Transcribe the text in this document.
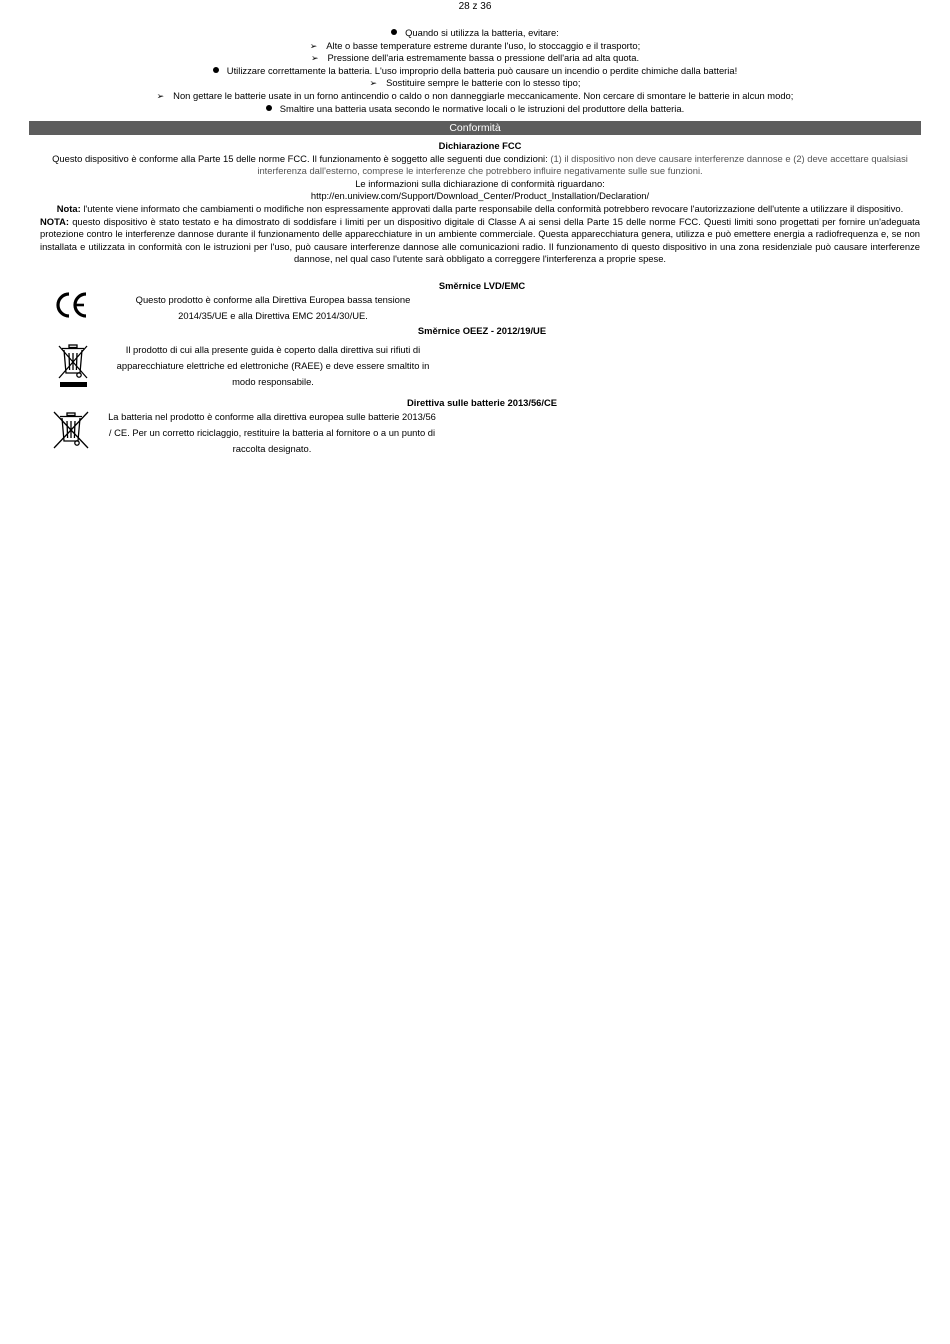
28 z 36
Quando si utilizza la batteria, evitare:
➢ Alte o basse temperature estreme durante l'uso, lo stoccaggio e il trasporto;
➢ Pressione dell'aria estremamente bassa o pressione dell'aria ad alta quota.
Utilizzare correttamente la batteria. L'uso improprio della batteria può causare un incendio o perdite chimiche dalla batteria!
➢ Sostituire sempre le batterie con lo stesso tipo;
➢ Non gettare le batterie usate in un forno antincendio o caldo o non danneggiarle meccanicamente. Non cercare di smontare le batterie in alcun modo;
Smaltire una batteria usata secondo le normative locali o le istruzioni del produttore della batteria.
Conformità
Dichiarazione FCC
Questo dispositivo è conforme alla Parte 15 delle norme FCC. Il funzionamento è soggetto alle seguenti due condizioni: (1) il dispositivo non deve causare interferenze dannose e (2) deve accettare qualsiasi interferenza dall'esterno, comprese le interferenze che potrebbero influire negativamente sulle sue funzioni.
Le informazioni sulla dichiarazione di conformità riguardano:
http://en.uniview.com/Support/Download_Center/Product_Installation/Declaration/
Nota: l'utente viene informato che cambiamenti o modifiche non espressamente approvati dalla parte responsabile della conformità potrebbero revocare l'autorizzazione dell'utente a utilizzare il dispositivo.
NOTA: questo dispositivo è stato testato e ha dimostrato di soddisfare i limiti per un dispositivo digitale di Classe A ai sensi della Parte 15 delle norme FCC. Questi limiti sono progettati per fornire un'adeguata protezione contro le interferenze dannose durante il funzionamento delle apparecchiature in un ambiente commerciale. Questa apparecchiatura genera, utilizza e può emettere energia a radiofrequenza e, se non installata e utilizzata in conformità con le istruzioni per l'uso, può causare interferenze dannose alle comunicazioni radio. Il funzionamento di questo dispositivo in una zona residenziale può causare interferenze dannose, nel qual caso l'utente sarà obbligato a correggere l'interferenza a proprie spese.
Směrnice LVD/EMC
Questo prodotto è conforme alla Direttiva Europea bassa tensione 2014/35/UE e alla Direttiva EMC 2014/30/UE.
Směrnice OEEZ - 2012/19/UE
Il prodotto di cui alla presente guida è coperto dalla direttiva sui rifiuti di apparecchiature elettriche ed elettroniche (RAEE) e deve essere smaltito in modo responsabile.
Direttiva sulle batterie 2013/56/CE
La batteria nel prodotto è conforme alla direttiva europea sulle batterie 2013/56 / CE. Per un corretto riciclaggio, restituire la batteria al fornitore o a un punto di raccolta designato.
